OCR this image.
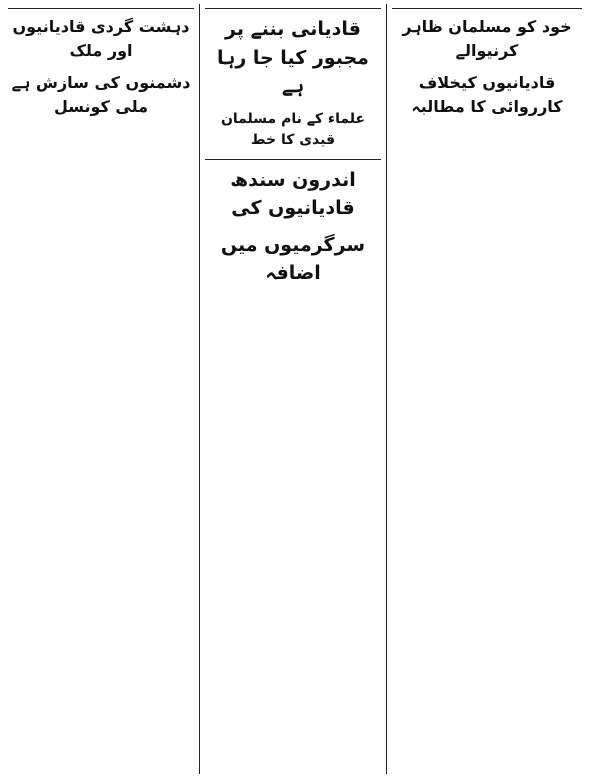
خود کو مسلمان ظاہر کرنیوالے
قادیانیوں کیخلاف کارروائی کا مطالبہ

قادیانی بننے پر مجبور کیا جا رہا ہے
علماء کے نام مسلمان قیدی کا خط

اندرون سندھ قادیانیوں کی
سرگرمیوں میں اضافہ

دہشت گردی قادیانیوں اور ملک
دشمنوں کی سازش ہے ملی کونسل
